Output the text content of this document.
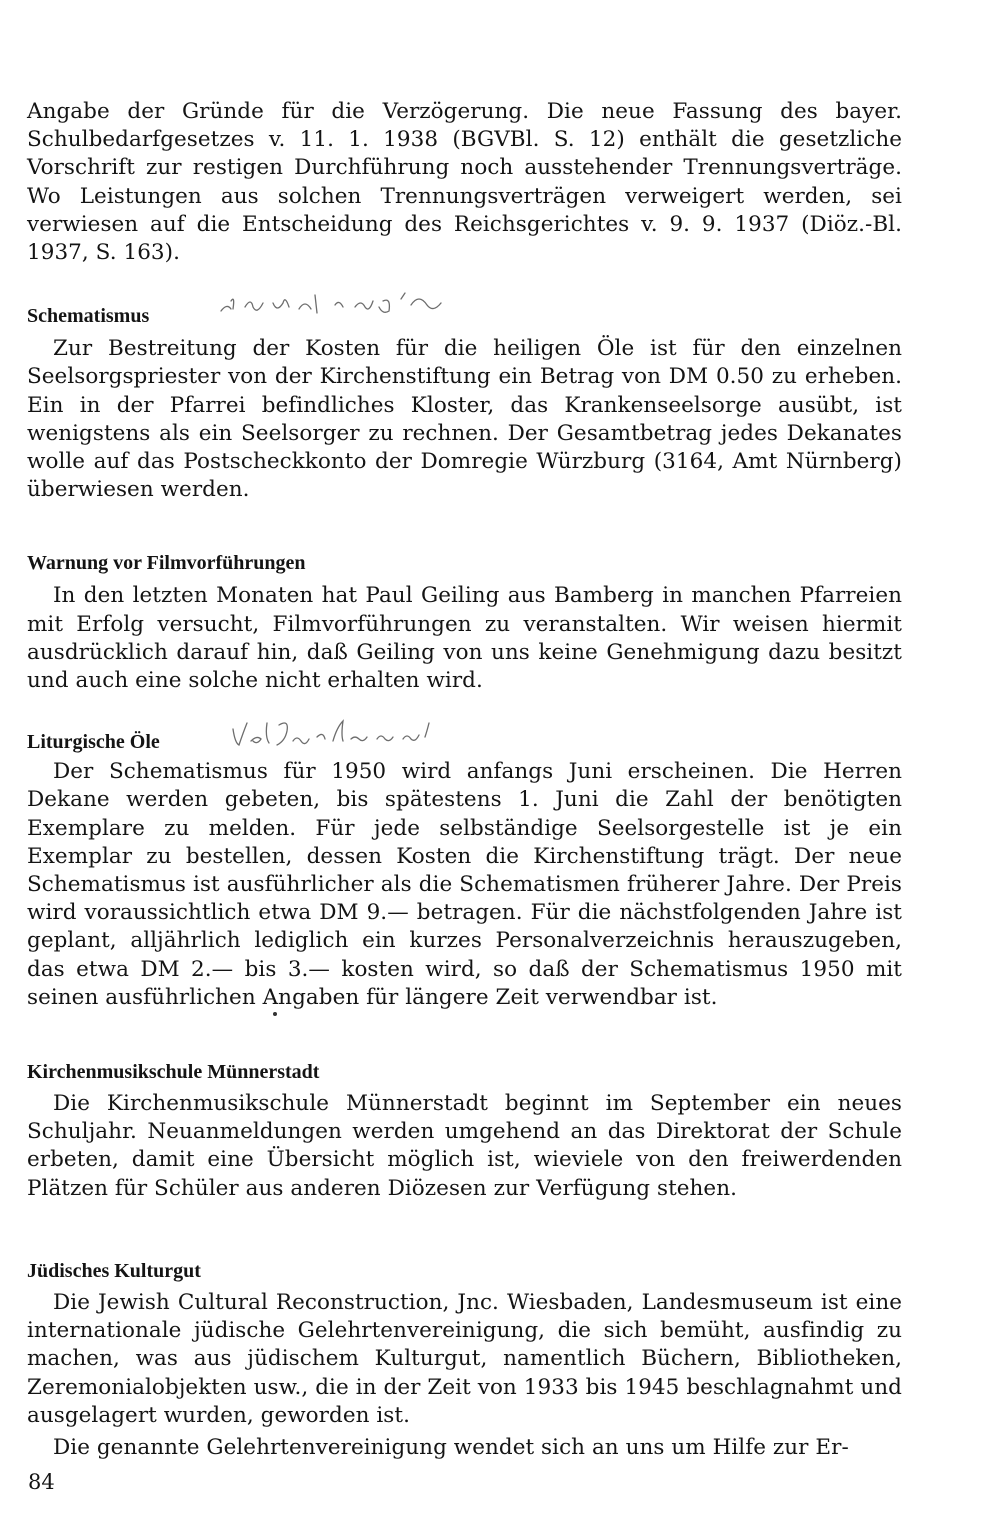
Angabe der Gründe für die Verzögerung. Die neue Fassung des bayer. Schulbedarfgesetzes v. 11. 1. 1938 (BGVBl. S. 12) enthält die gesetzliche Vorschrift zur restigen Durchführung noch ausstehender Trennungsverträge. Wo Leistungen aus solchen Trennungsverträgen verweigert werden, sei verwiesen auf die Entscheidung des Reichsgerichtes v. 9. 9. 1937 (Diöz.-Bl. 1937, S. 163).

Schematismus

Zur Bestreitung der Kosten für die heiligen Öle ist für den einzelnen Seelsorgspriester von der Kirchenstiftung ein Betrag von DM 0.50 zu erheben. Ein in der Pfarrei befindliches Kloster, das Krankenseelsorge ausübt, ist wenigstens als ein Seelsorger zu rechnen. Der Gesamtbetrag jedes Dekanates wolle auf das Postscheckkonto der Domregie Würzburg (3164, Amt Nürnberg) überwiesen werden.

Warnung vor Filmvorführungen

In den letzten Monaten hat Paul Geiling aus Bamberg in manchen Pfarreien mit Erfolg versucht, Filmvorführungen zu veranstalten. Wir weisen hiermit ausdrücklich darauf hin, daß Geiling von uns keine Genehmigung dazu besitzt und auch eine solche nicht erhalten wird.

Liturgische Öle

Der Schematismus für 1950 wird anfangs Juni erscheinen. Die Herren Dekane werden gebeten, bis spätestens 1. Juni die Zahl der benötigten Exemplare zu melden. Für jede selbständige Seelsorgestelle ist je ein Exemplar zu bestellen, dessen Kosten die Kirchenstiftung trägt. Der neue Schematismus ist ausführlicher als die Schematismen früherer Jahre. Der Preis wird voraussichtlich etwa DM 9.— betragen. Für die nächstfolgenden Jahre ist geplant, alljährlich lediglich ein kurzes Personalverzeichnis herauszugeben, das etwa DM 2.— bis 3.— kosten wird, so daß der Schematismus 1950 mit seinen ausführlichen Angaben für längere Zeit verwendbar ist.

Kirchenmusikschule Münnerstadt

Die Kirchenmusikschule Münnerstadt beginnt im September ein neues Schuljahr. Neuanmeldungen werden umgehend an das Direktorat der Schule erbeten, damit eine Übersicht möglich ist, wieviele von den freiwerdenden Plätzen für Schüler aus anderen Diözesen zur Verfügung stehen.

Jüdisches Kulturgut

Die Jewish Cultural Reconstruction, Jnc. Wiesbaden, Landesmuseum ist eine internationale jüdische Gelehrtenvereinigung, die sich bemüht, ausfindig zu machen, was aus jüdischem Kulturgut, namentlich Büchern, Bibliotheken, Zeremonialobjekten usw., die in der Zeit von 1933 bis 1945 beschlagnahmt und ausgelagert wurden, geworden ist.

Die genannte Gelehrtenvereinigung wendet sich an uns um Hilfe zur Er-

84
